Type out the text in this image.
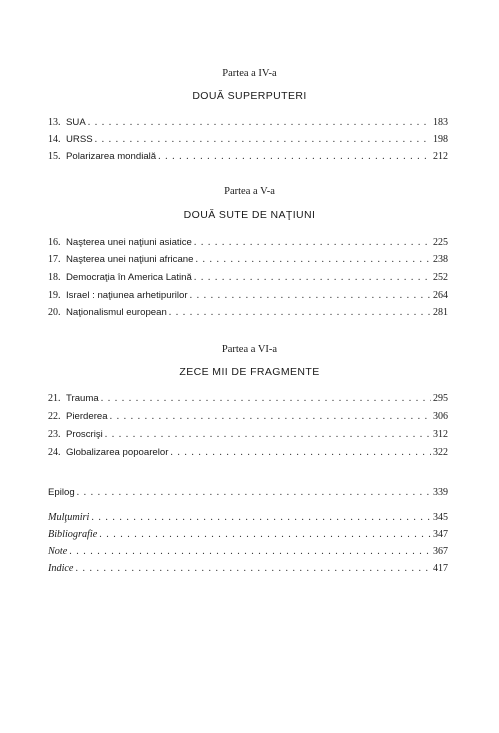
Partea a IV-a
DOUĂ SUPERPUTERI
13. SUA . . .	183
14. URSS . . .	198
15. Polarizarea mondială . . .	212
Partea a V-a
DOUĂ SUTE DE NAŢIUNI
16. Naşterea unei naţiuni asiatice . . .	225
17. Naşterea unei naţiuni africane . . .	238
18. Democraţia în America Latină . . .	252
19. Israel : naţiunea arhetipurilor . . .	264
20. Naţionalismul european . . .	281
Partea a VI-a
ZECE MII DE FRAGMENTE
21. Trauma . . .	295
22. Pierderea . . .	306
23. Proscrişi . . .	312
24. Globalizarea popoarelor . . .	322
Epilog . . .	339
Mulţumiri . . .	345
Bibliografie . . .	347
Note . . .	367
Indice . . .	417
